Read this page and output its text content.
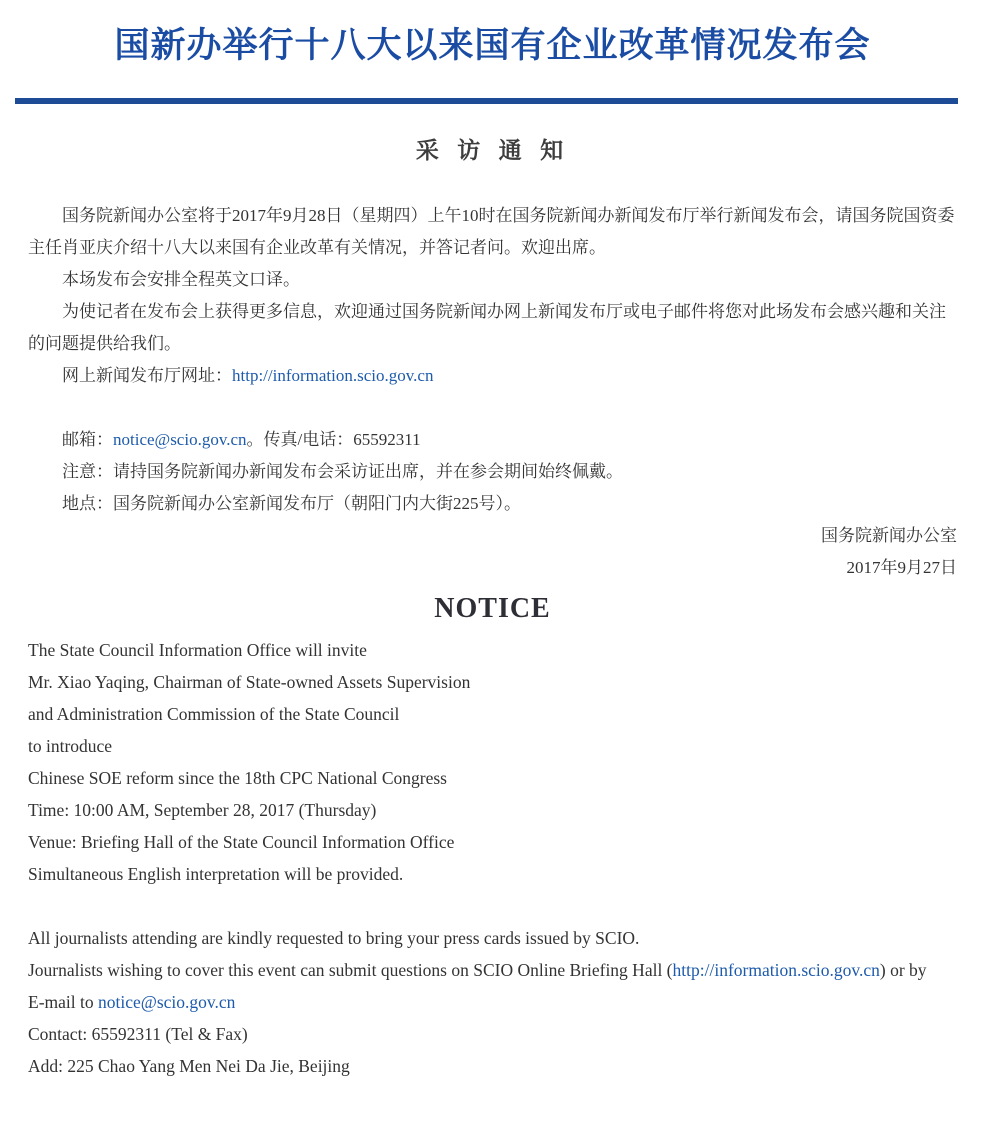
国新办举行十八大以来国有企业改革情况发布会
采 访 通 知

国务院新闻办公室将于2017年9月28日（星期四）上午10时在国务院新闻办新闻发布厅举行新闻发布会，请国务院国资委主任肖亚庆介绍十八大以来国有企业改革有关情况，并答记者问。欢迎出席。

本场发布会安排全程英文口译。

为使记者在发布会上获得更多信息，欢迎通过国务院新闻办网上新闻发布厅或电子邮件将您对此场发布会感兴趣和关注的问题提供给我们。

网上新闻发布厅网址：http://information.scio.gov.cn

邮箱：notice@scio.gov.cn。传真/电话：65592311

注意：请持国务院新闻办新闻发布会采访证出席，并在参会期间始终佩戴。

地点：国务院新闻办公室新闻发布厅（朝阳门内大街225号）。

国务院新闻办公室

2017年9月27日

NOTICE

The State Council Information Office will invite

Mr. Xiao Yaqing, Chairman of State-owned Assets Supervision

and Administration Commission of the State Council

to introduce

Chinese SOE reform since the 18th CPC National Congress

Time: 10:00 AM, September 28, 2017 (Thursday)

Venue: Briefing Hall of the State Council Information Office

Simultaneous English interpretation will be provided.

All journalists attending are kindly requested to bring your press cards issued by SCIO.

Journalists wishing to cover this event can submit questions on SCIO Online Briefing Hall (http://information.scio.gov.cn) or by
E-mail to notice@scio.gov.cn

Contact: 65592311 (Tel & Fax)

Add: 225 Chao Yang Men Nei Da Jie, Beijing
